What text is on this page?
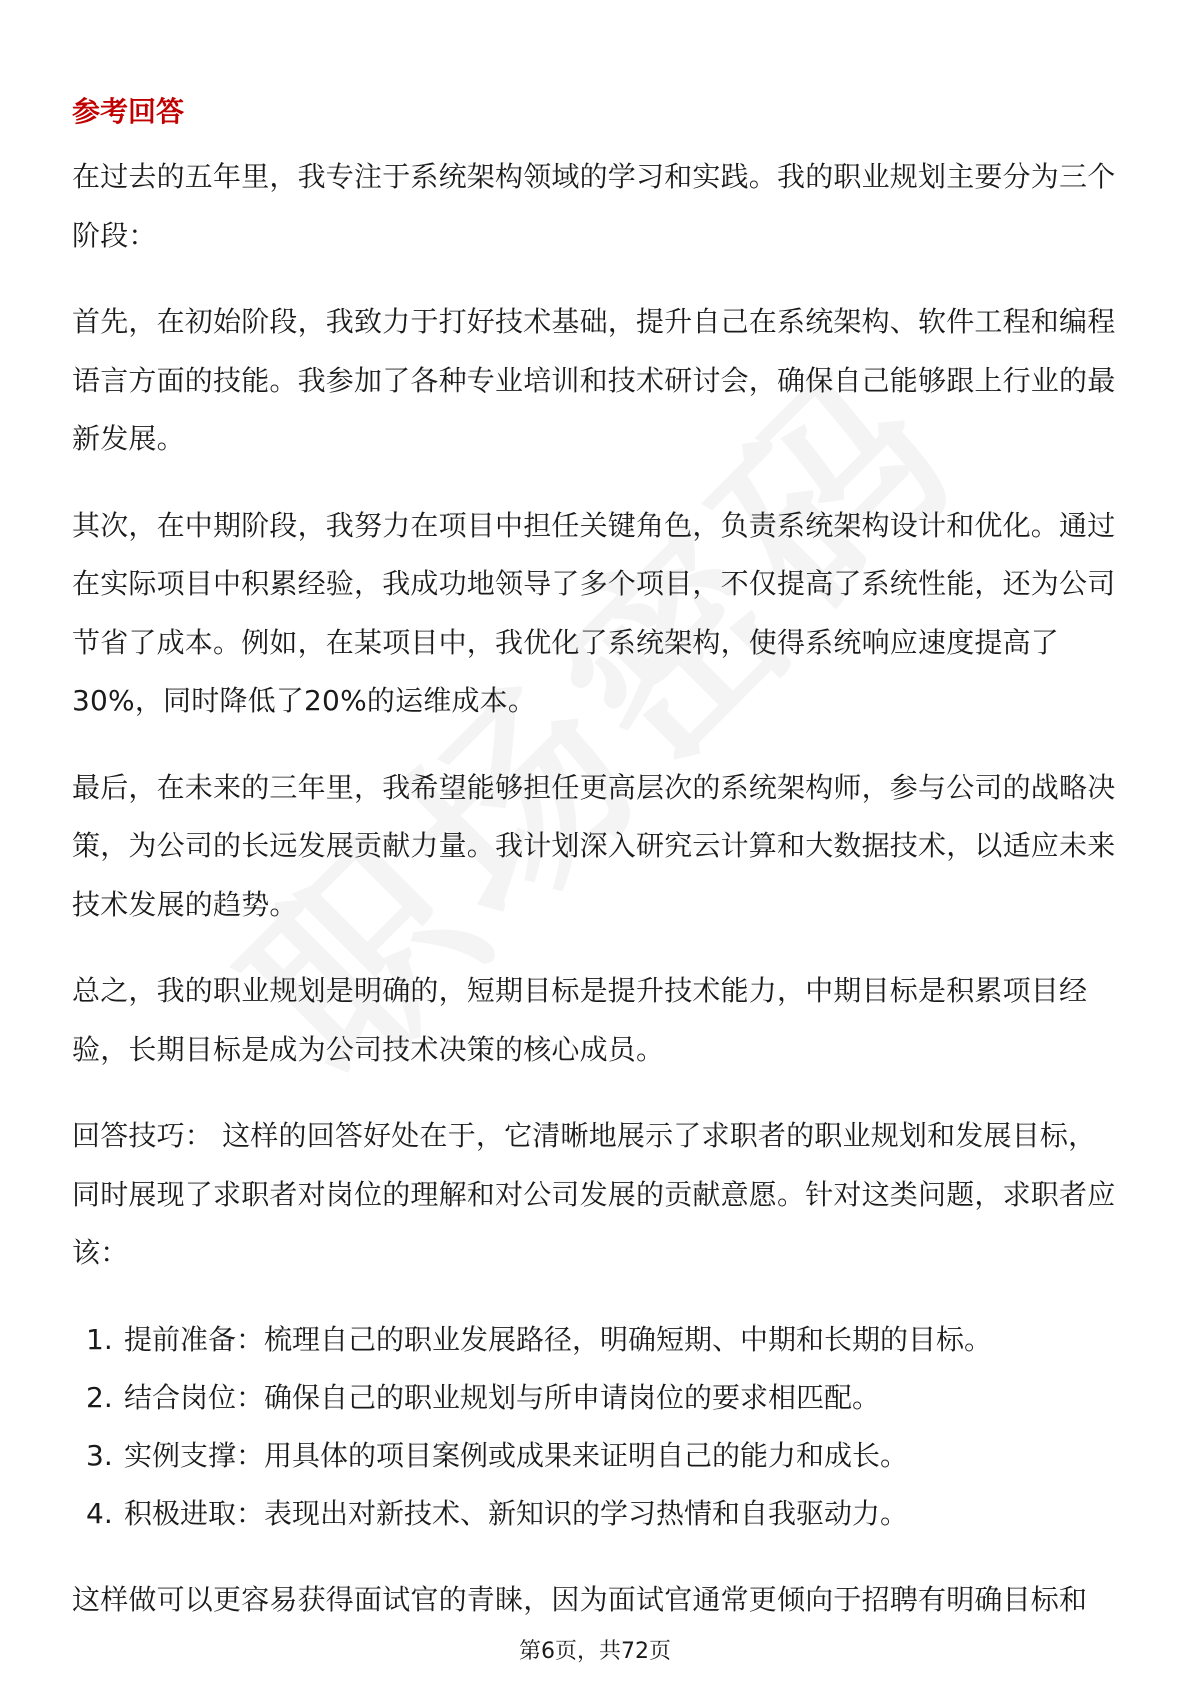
参考回答

在过去的五年里，我专注于系统架构领域的学习和实践。我的职业规划主要分为三个阶段：

首先，在初始阶段，我致力于打好技术基础，提升自己在系统架构、软件工程和编程语言方面的技能。我参加了各种专业培训和技术研讨会，确保自己能够跟上行业的最新发展。

其次，在中期阶段，我努力在项目中担任关键角色，负责系统架构设计和优化。通过在实际项目中积累经验，我成功地领导了多个项目，不仅提高了系统性能，还为公司节省了成本。例如，在某项目中，我优化了系统架构，使得系统响应速度提高了30%，同时降低了20%的运维成本。

最后，在未来的三年里，我希望能够担任更高层次的系统架构师，参与公司的战略决策，为公司的长远发展贡献力量。我计划深入研究云计算和大数据技术，以适应未来技术发展的趋势。

总之，我的职业规划是明确的，短期目标是提升技术能力，中期目标是积累项目经验，长期目标是成为公司技术决策的核心成员。

回答技巧： 这样的回答好处在于，它清晰地展示了求职者的职业规划和发展目标，同时展现了求职者对岗位的理解和对公司发展的贡献意愿。针对这类问题，求职者应该：

1. 提前准备：梳理自己的职业发展路径，明确短期、中期和长期的目标。
2. 结合岗位：确保自己的职业规划与所申请岗位的要求相匹配。
3. 实例支撑：用具体的项目案例或成果来证明自己的能力和成长。
4. 积极进取：表现出对新技术、新知识的学习热情和自我驱动力。

这样做可以更容易获得面试官的青睐，因为面试官通常更倾向于招聘有明确目标和

第6页，共72页
